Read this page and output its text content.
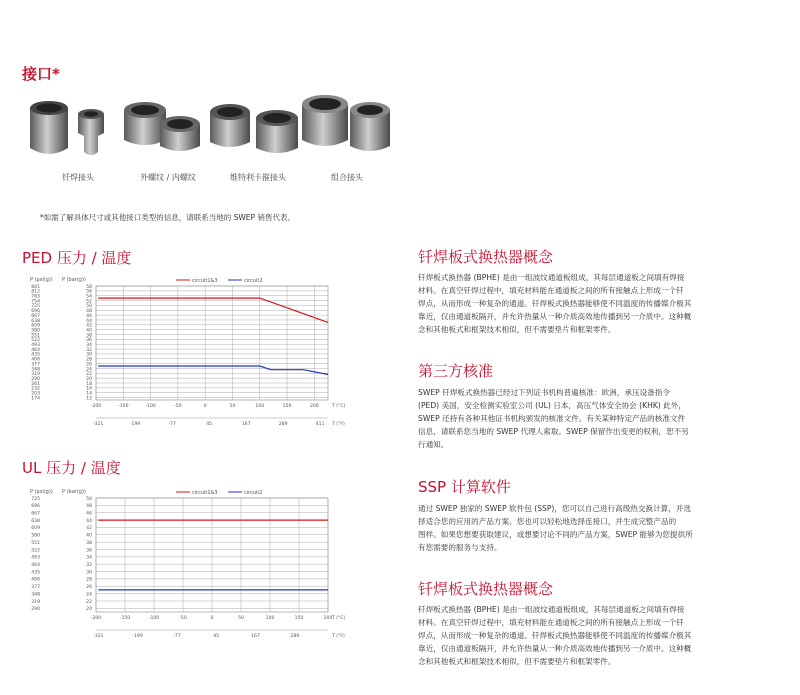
接口*
钎焊接头	外螺纹 / 内螺纹	维特利卡箍接头	组合接头
*如需了解具体尺寸或其他接口类型的信息，请联系当地的 SWEP 销售代表。
PED 压力 / 温度
P (psi(g)) P (bar(g))	circuit1&3	circuit2
12
174
14
203
16
232
18
261
20
290
22
319
24
348
26
377
28
406
30
435
32
464
34
493
36
522
38
551
40
580
42
609
44
638
46
667
48
696
50
725
52
754
54
783
56
812
58
841
-200	-150	-100	-50	0	50	100	150	200	T (°C)
-321	-199	-77	45	167	289	411 T (°F)
UL 压力 / 温度
P (psi(g)) P (bar(g))	circuit1&3	circuit2
20
290
22
319
24
348
26
377
28
406
30
435
32
464
34
493
36
522
38
551
40
580
42
609
44
638
46
667
48
696
50
725
-200	-150	-100	-50	0	50	100	150	200 T (°C)
-321	-199	-77	45	167	289	T (°F)
钎焊板式换热器概念

钎焊板式换热器 (BPHE) 是由一组波纹通道板组成，其每层通道板之间填有焊接

材料。在真空钎焊过程中，填充材料能在通道板之间的所有接触点上形成一个钎

焊点，从而形成一种复杂的通道。钎焊板式换热器能够使不同温度的传播媒介极其

靠近，仅由通道板隔开，并允许热量从一种介质高效地传播到另一介质中。这种概

念和其他板式和框架技术相似，但不需要垫片和框架零件。

第三方核准

SWEP 钎焊板式换热器已经过下列证书机构普遍核准：欧洲，承压设备指令

(PED) 美国，安全检测实验室公司 (UL) 日本，高压气体安全协会 (KHK) 此外，

SWEP 还持有各种其他证书机构颁发的核准文件。有关某种特定产品的核准文件

信息，请联系您当地的 SWEP 代理人索取。SWEP 保留作出变更的权利，恕不另

行通知。

SSP 计算软件

通过 SWEP 独家的 SWEP 软件包 (SSP)，您可以自己进行高级热交换计算，并选

择适合您的应用的产品方案。您也可以轻松地选择连接口，并生成完整产品的

图样。如果您想要获取建议，或想要讨论不同的产品方案，SWEP 能够为您提供所

有您需要的服务与支持。

钎焊板式换热器概念

钎焊板式换热器 (BPHE) 是由一组波纹通道板组成，其每层通道板之间填有焊接

材料。在真空钎焊过程中，填充材料能在通道板之间的所有接触点上形成一个钎

焊点，从而形成一种复杂的通道。钎焊板式换热器能够使不同温度的传播媒介极其

靠近，仅由通道板隔开，并允许热量从一种介质高效地传播到另一介质中。这种概

念和其他板式和框架技术相似，但不需要垫片和框架零件。
